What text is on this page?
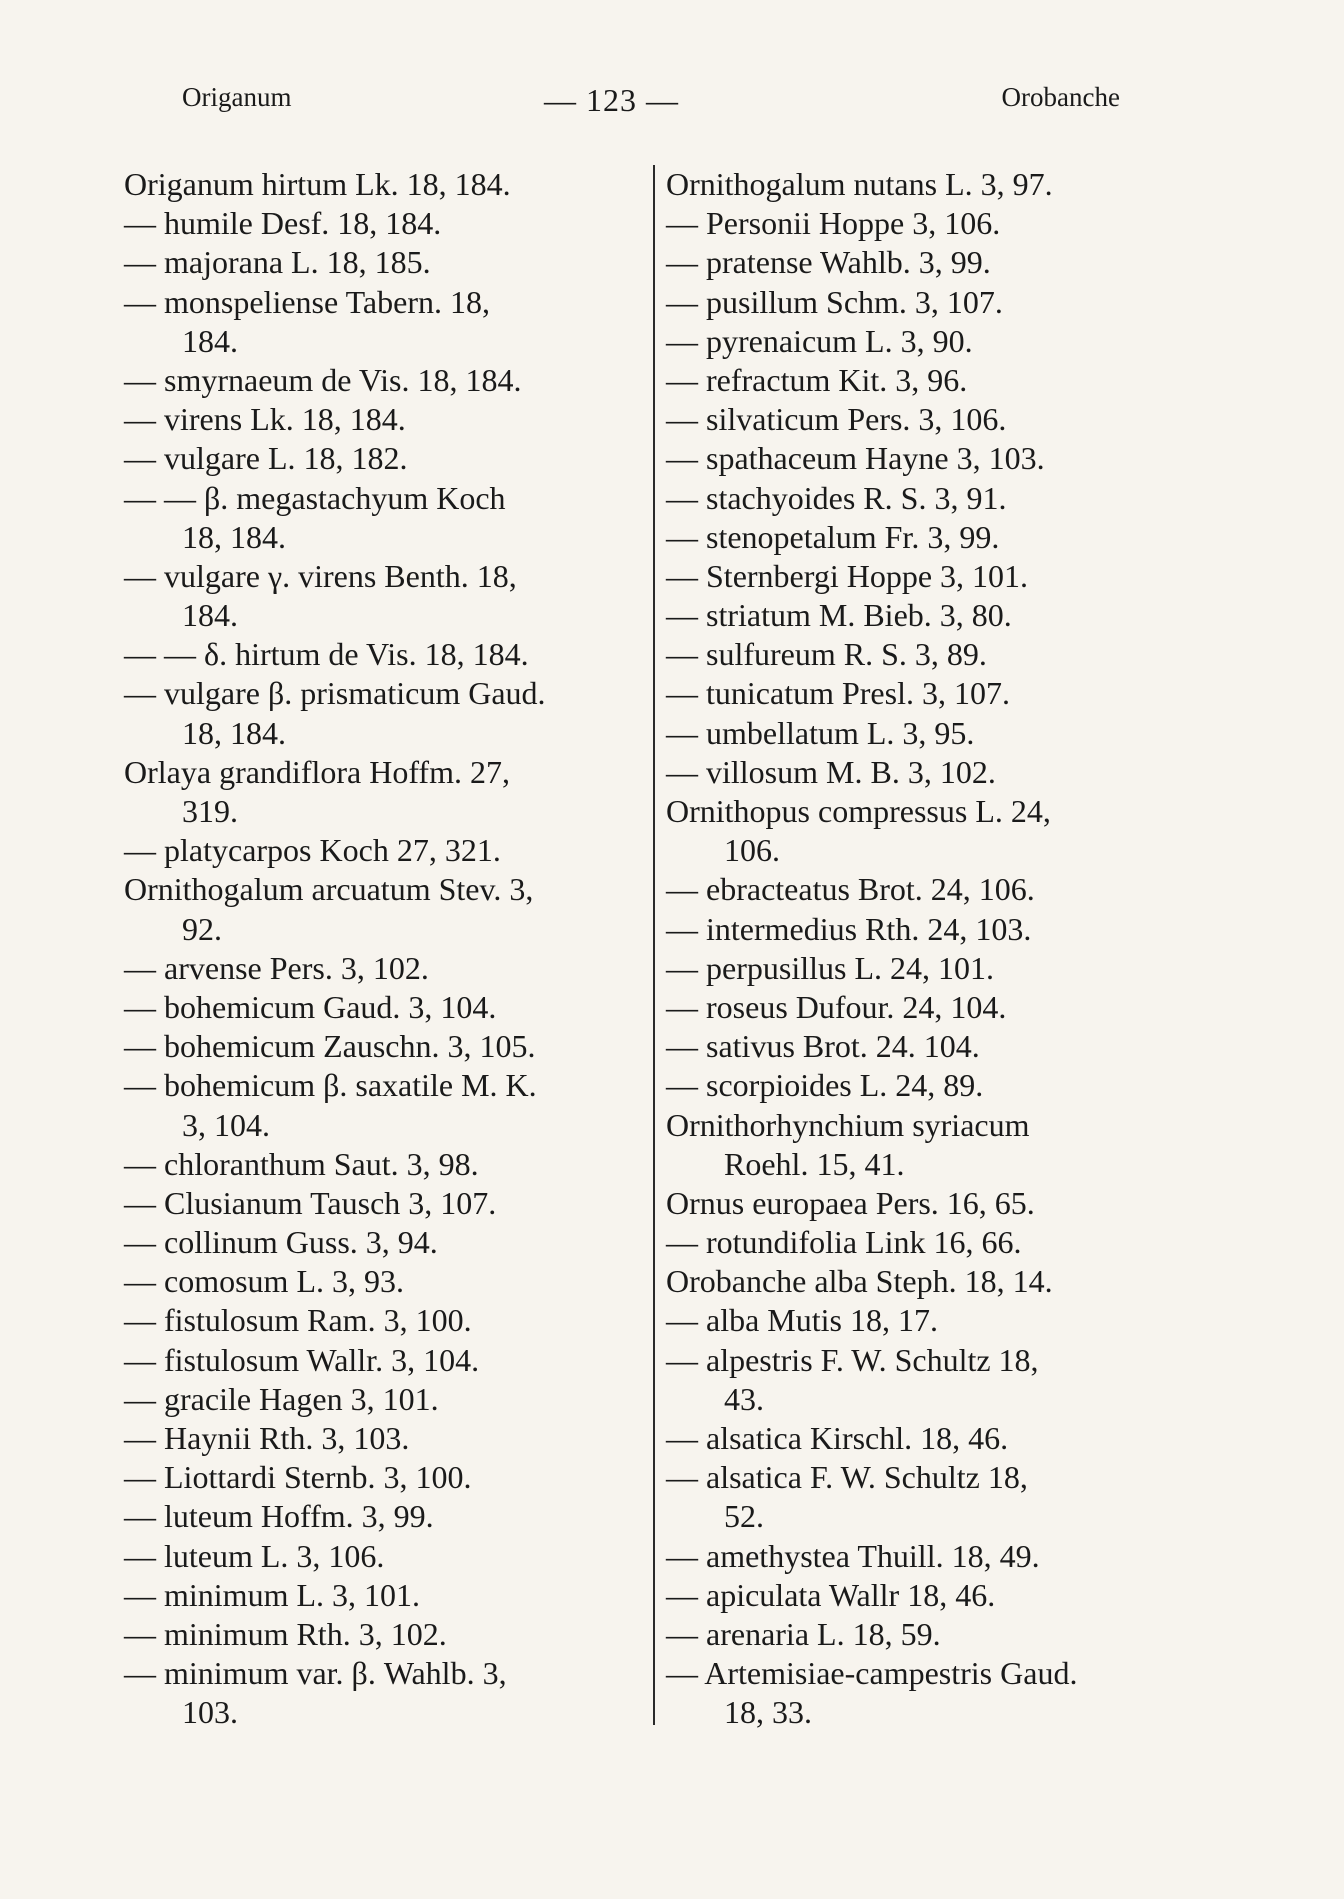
Origanum	— 123 —	Orobanche
Origanum hirtum Lk. 18, 184.
— humile Desf. 18, 184.
— majorana L. 18, 185.
— monspeliense Tabern. 18,
184.
— smyrnaeum de Vis. 18, 184.
— virens Lk. 18, 184.
— vulgare L. 18, 182.
— — β. megastachyum Koch
18, 184.
— vulgare γ. virens Benth. 18,
184.
— — δ. hirtum de Vis. 18, 184.
— vulgare β. prismaticum Gaud.
18, 184.
Orlaya grandiflora Hoffm. 27,
319.
— platycarpos Koch 27, 321.
Ornithogalum arcuatum Stev. 3,
92.
— arvense Pers. 3, 102.
— bohemicum Gaud. 3, 104.
— bohemicum Zauschn. 3, 105.
— bohemicum β. saxatile M. K.
3, 104.
— chloranthum Saut. 3, 98.
— Clusianum Tausch 3, 107.
— collinum Guss. 3, 94.
— comosum L. 3, 93.
— fistulosum Ram. 3, 100.
— fistulosum Wallr. 3, 104.
— gracile Hagen 3, 101.
— Haynii Rth. 3, 103.
— Liottardi Sternb. 3, 100.
— luteum Hoffm. 3, 99.
— luteum L. 3, 106.
— minimum L. 3, 101.
— minimum Rth. 3, 102.
— minimum var. β. Wahlb. 3,
103.
Ornithogalum nutans L. 3, 97.
— Personii Hoppe 3, 106.
— pratense Wahlb. 3, 99.
— pusillum Schm. 3, 107.
— pyrenaicum L. 3, 90.
— refractum Kit. 3, 96.
— silvaticum Pers. 3, 106.
— spathaceum Hayne 3, 103.
— stachyoides R. S. 3, 91.
— stenopetalum Fr. 3, 99.
— Sternbergi Hoppe 3, 101.
— striatum M. Bieb. 3, 80.
— sulfureum R. S. 3, 89.
— tunicatum Presl. 3, 107.
— umbellatum L. 3, 95.
— villosum M. B. 3, 102.
Ornithopus compressus L. 24,
106.
— ebracteatus Brot. 24, 106.
— intermedius Rth. 24, 103.
— perpusillus L. 24, 101.
— roseus Dufour. 24, 104.
— sativus Brot. 24. 104.
— scorpioides L. 24, 89.
Ornithorhynchium syriacum
Roehl. 15, 41.
Ornus europaea Pers. 16, 65.
— rotundifolia Link 16, 66.
Orobanche alba Steph. 18, 14.
— alba Mutis 18, 17.
— alpestris F. W. Schultz 18,
43.
— alsatica Kirschl. 18, 46.
— alsatica F. W. Schultz 18,
52.
— amethystea Thuill. 18, 49.
— apiculata Wallr 18, 46.
— arenaria L. 18, 59.
— Artemisiae-campestris Gaud.
18, 33.
